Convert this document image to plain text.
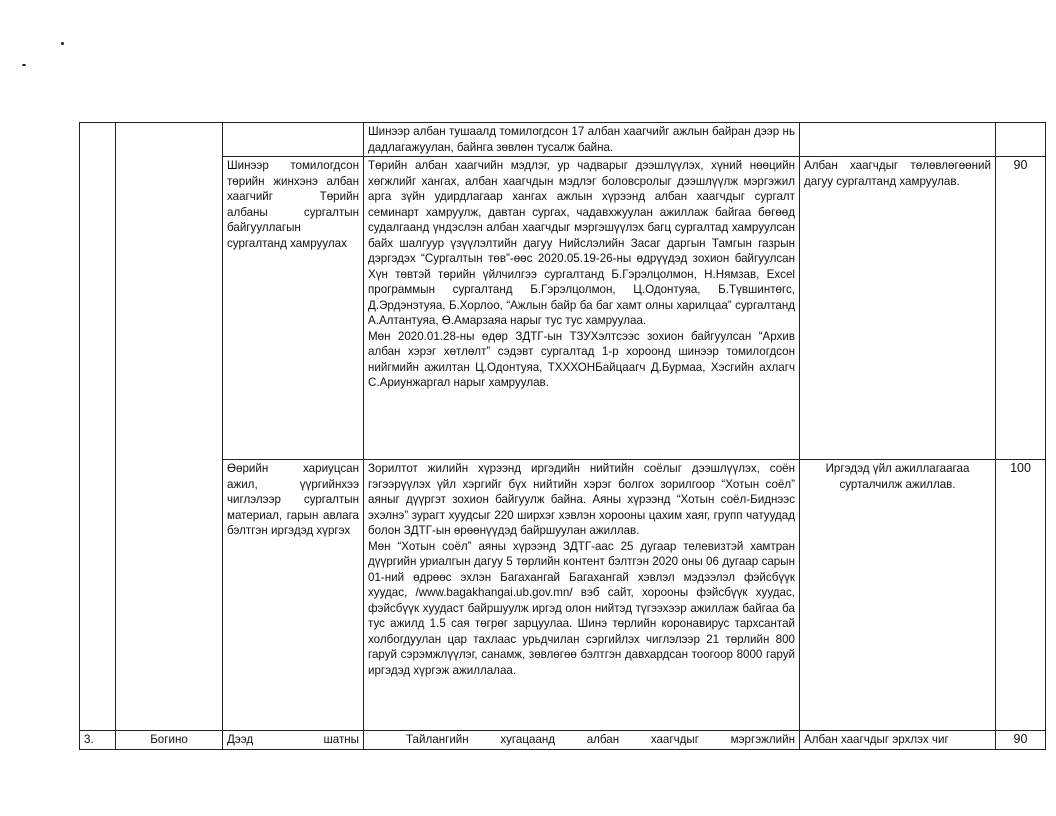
			Шинээр албан тушаалд томилогдсон 17 албан хаагчийг ажлын байран дээр нь дадлагажуулан, байнга зөвлөн тусалж байна.		
		Шинээр томилогдсон төрийн жинхэнэ албан хаагчийг Төрийн албаны сургалтын байгууллагын сургалтанд хамруулах	Төрийн албан хаагчийн мэдлэг, ур чадварыг дээшлүүлэх, хүний нөөцийн хөгжлийг хангах, албан хаагчдын мэдлэг боловсролыг дээшлүүлж мэргэжил арга зүйн удирдлагаар хангах ажлын хүрээнд албан хаагчдыг сургалт семинарт хамруулж, давтан сургах, чадавхжуулан ажиллаж байгаа бөгөөд судалгаанд үндэслэн албан хаагчдыг мэргэшүүлэх багц сургалтад хамруулсан байх шалгуур үзүүлэлтийн дагуу Нийслэлийн Засаг даргын Тамгын газрын дэргэдэх “Сургалтын төв”-өөс 2020.05.19-26-ны өдрүүдэд зохион байгуулсан Хүн төвтэй төрийн үйлчилгээ сургалтанд Б.Гэрэлцолмон, Н.Нямзав, Excel программын сургалтанд Б.Гэрэлцолмон, Ц.Одонтуяа, Б.Түвшинтөгс, Д.Эрдэнэтуяа, Б.Хорлоо, “Ажлын байр ба баг хамт олны харилцаа” сургалтанд А.Алтантуяа, Ө.Амарзаяа нарыг тус тус хамруулаа.
Мөн 2020.01.28-ны өдөр ЗДТГ-ын ТЗУХэлтсээс зохион байгуулсан “Архив албан хэрэг хөтлөлт” сэдэвт сургалтад 1-р хороонд шинээр томилогдсон нийгмийн ажилтан Ц.Одонтуяа, ТХХХОНБайцаагч Д.Бурмаа, Хэсгийн ахлагч С.Ариунжаргал нарыг хамруулав.	Албан хаагчдыг төлөвлөгөөний дагуу сургалтанд хамруулав.	90
		Өөрийн хариуцсан ажил, үүргийнхээ чиглэлээр сургалтын материал, гарын авлага бэлтгэн иргэдэд хүргэх	Зорилтот жилийн хүрээнд иргэдийн нийтийн соёлыг дээшлүүлэх, соён гэгээрүүлэх үйл хэргийг бүх нийтийн хэрэг болгох зорилгоор “Хотын соёл” аяныг дүүргэт зохион байгуулж байна. Аяны хүрээнд “Хотын соёл-Биднээс эхэлнэ” зурагт хуудсыг 220 ширхэг хэвлэн хорооны цахим хаяг, групп чатуудад болон ЗДТГ-ын өрөөнүүдэд байршуулан ажиллав.
Мөн “Хотын соёл” аяны хүрээнд ЗДТГ-аас 25 дугаар телевизтэй хамтран дүүргийн уриалгын дагуу 5 төрлийн контент бэлтгэн 2020 оны 06 дугаар сарын 01-ний өдрөөс эхлэн Багахангай Багахангай хэвлэл мэдээлэл фэйсбүүк хуудас, /www.bagakhangai.ub.gov.mn/ вэб сайт, хорооны фэйсбүүк хуудас, фэйсбүүк хуудаст байршуулж иргэд олон нийтэд түгээхээр ажиллаж байгаа ба тус ажилд 1.5 сая төгрөг зарцуулаа. Шинэ төрлийн коронавирус тархсантай холбогдуулан цар тахлаас урьдчилан сэргийлэх чиглэлээр 21 төрлийн 800 гаруй сэрэмжлүүлэг, санамж, зөвлөгөө бэлтгэн давхардсан тоогоор 8000 гаруй иргэдэд хүргэж ажиллалаа.	Иргэдэд үйл ажиллагаагаа сурталчилж ажиллав.	100
3.	Богино	Дээд шатны	Тайлангийн хугацаанд албан хаагчдыг мэргэжлийн	Албан хаагчдыг эрхлэх чиг	90
